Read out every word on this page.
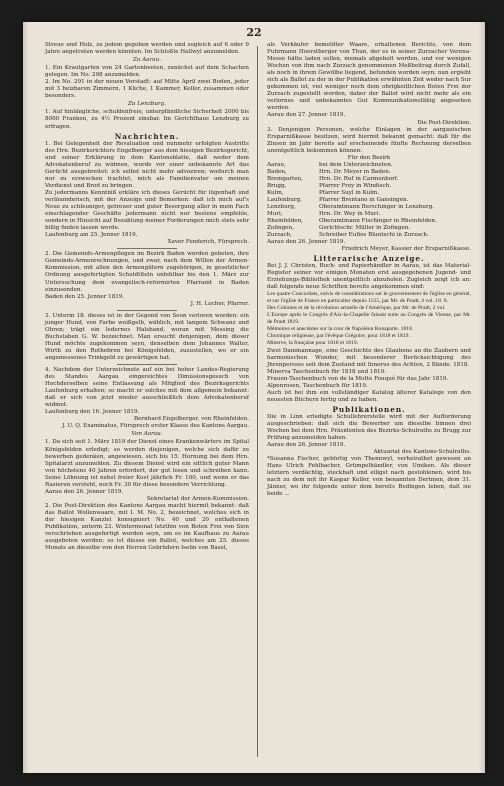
22

Streue und Holz, zu jedem gegeben werden und sogleich auf 6 oder 9 Jahre angetreten werden könnten. Im Schloßle Hallwyl anzumelden.

Zu Aarau.

1. Ein Krautgarten von 24 Gartenbeeten, zunächst auf dem Schachen gelegen. Im No. 298 anzumelden.

2. Im No. 291 in der neuen Vorstadt: auf Mitte April zwei Boden, jeder mit 3 heizbaren Zimmern, 1 Küche, 1 Kammer, Keller, zusammen oder besonders.

Zu Lenzburg.

1. Auf hinlängliche, schuldenfreie, unterpfändliche Sicherheit 2000 bis 8000 Franken, zu 4½ Prozent zinsbar. Im Gerichthaus Lenzburg zu erfragen.

Nachrichten.

1. Bei Gelegenheit der Revaluation und nunmehr erfolgten Austritts des Hrn. Bezirksrichters Engelberger aus dem hiesigen Bezirksgericht, und seiner Erklärung in dem Kantonsblatte, daß weder dem Advokatenberuf zu widmen, wurde vor einer unbekannte Art das Gerücht ausgebreitet: ich selbst nicht mehr advoziren; wodurch man nur zu erzwecken trachtet, mich als Familienvater um meinen Verdienst und Brod zu bringen.

Zu jedermanns Kenntniß erkläre ich dieses Gerücht für lügenhaft und verläumderisch, mit der Anzeige und Bemerken: daß ich mich auf's Neue zu schleuniger, getreuer und guter Besorgung aller in mein Fach einschlagender Geschäfte jedermann nicht nur bestens empfehle, sondern in Hinsicht auf Bezahlung meiner Forderungen mich stets sehr billig finden lassen werde.

Laufenburg am 25. Jenner 1819.

Xaver Fenderich, Fürsprech.

2. Die Gemeinds-Armenpflegen im Bezirk Baden werden gebeten, ihre Gemeinds-Armenrechnungen, und zwar, nach dem Willen der Armen-Kommission, mit allen den Armengütern zugehörigen, in gesetzlicher Ordnung ausgefertigten Schuldtiteln unfehlbar bis den 1. März zur Untersuchung dem evangelisch-reformirten Pfarramt in Baden einzusenden.

Baden den 25. Jenner 1819.

J. H. Locher, Pfarrer.

3. Unterm 18. dieses ist in der Gegend von Seon verloren worden: ein junger Hund, von Farbe weißgelb, wählich, mit langem Schwanz und Ohren; trägt ein ledernes Halsband, woran mit Messing die Buchstaben G. W. bezeichnet. Man ersucht denjenigen, dem dieser Hund möchte zugekommen seyn, denselben dem Johannes Walter, Wirth zu den Rothebren bei Königsfelden, zuzustellen, wo er ein angemessenes Trinkgeld zu gewärtigen hat.

4. Nachdem der Unterzeichnete auf ein bei hoher Landes-Regierung des Standes Aargau eingereichtes Dimissionsgesuch von Hochderselben seine Entlassung als Mitglied des Bezirksgerichts Laufenburg erhalten; so macht er solches mit dem allgemein bekannt: daß er sich von jetzt wieder ausschließlich dem Advokatenberuf widmet.

Laufenburg den 16. Jenner 1819.

Bernhard Engelberger, von Rheinfelden.

J. U. Q. Examinatus, Fürsprech erster Klasse des Kantons Aargau.

Von Aarau.

1. Da sich seit 1. März 1819 der Dienst eines Krankenwärters im Spital Königsfelden erledigt; so werden diejenigen, welche sich dafür zu bewerben gedenken, angewiesen, sich bis 15. Hornung bei dem Hrn. Spitalarzt anzumelden. Zu diesem Dienst wird ein sittlich guter Mann von höchstens 40 Jahren erfordert, der gut lesen und schreiben kann. Seine Löhnung ist nebst freier Kost jährlich Fr. 100, und wenn er das Rasieren versteht, noch Fr. 30 für diese besondere Verrichtung.

Aarau den 26. Jenner 1819.

Sekretariat der Armen-Kommission.

2. Die Post-Direktion des Kantons Aargau macht hiermit bekannt: daß das Ballot Wollenwaare, mit I. M. No. 2, bezeichnet, welches sich in der hiesigen Kanzlei konsigniert No. 40 und 20 enthaltenen Publikation, unterm 23. Wintermonat letzthin von Boten Frei von Sion verschrieben ausgefertigt worden seyn, um es im Kaufhaus zu Aarau ausgeboten werden; so ist dieses ein Ballot, welches am 25. dieses Monats an dieselbe von den Herren Gebrüdern Iselin von Basel,

als Verkäufer bemeldter Waare, erhaltenen Berichts, von dem Fuhrmann Hoerstberger von Thun, der es in seiner Zurzacher Verena-Messe hätte laden sollen, niemals abgeholt worden, und vor wenigen Wochen von ihm nach Zurzach genommenen Meßbeitrag durch Zufall, als noch in ihrem Gewölbe liegend, befunden worden seyn; nun ergiebt sich als Ballot zu der in der Publikation erwähnten Zeit weder nach Sur gekommen ist, viel weniger noch dem obrigkeitlichen Boten Frei dor Zurzach zugestellt worden, daher der Ballot wird nicht mehr als ein verlornes und unbekanntes Gut Kommunikationsfähig angesehen werden.

Aarau den 27. Jenner 1819.

Die Post-Direktion.

3. Denjenigen Personen, welche Einlagen in der aargauischen Ersparnißkasse besitzen, wird hiermit bekannt gemacht: daß für die Zinsen im Jahr bereits auf erscheinende fünfte Rechnung derselben unentgeltlich bekommen können:

Für den Bezirk

Aarau,	bei dem Unterzeichneten.
Baden,	Hrn. Dr. Meyer in Baden.
Bremgarten,	Hrn. Dr. Ruf in Carmenhorf.
Brugg,	Pfarrer Frey in Windisch.
Kulm,	Pfarrer Suyl in Kulm.
Laufenburg,	Pfarrer Brentano in Gansingen.
Lenzburg,	Oberamtmann Berschinger in Lenzburg.
Muri,	Hrn. Dr. Wey in Muri.
Rheinfelden,	Oberamtmann Fischinger in Rheinfelden.
Zofingen,	Gerichtschr. Müller in Zofingen.
Zurzach,	Schreiber Eufios Bluntschi in Zurzach.

Aarau den 26. Jenner 1819.

Friedrich Meyer, Kassier der Ersparnißkasse.

Litterarische Anzeige.

Bei J. J. Christen, Buch- und Papierhändler in Aarau, ist das Material-Register seiner vor einigen Monaten erst ausgegebenen Jugend- und Erziehungs-Bibliothek unentgeltlich abzuholen. Zugleich zeigt ich an: daß folgende neue Schriften bereits angekommen sind:

Les quatre Concordats, suivis de considérations sur le gouvernement de l'église en général, et sur l'église de France en particulier depuis 1515, par Mr. de Pradt, 4 vol. 18. 8.

Des Colonies et de la révolution actuelle de l'Amérique, par Mr. de Pradt, 2 vol.

L'Europe après le Congrès d'Aix-la-Chapelle faisant suite au Congrès de Vienne, par Mr. de Pradt 1819.

Mémoires et anecdotes sur la cour de Napoléon Bonaparte. 1818.

Chronique religieuse, par l'évêque Grégoire, pour 1818 et 1819.

Minerve, la française pour 1818 et 1819.

Zwei Dammannage, eine Geschichte des Glaubens an die Zaubern und harmonischen Wunder, mit besonderer Berücksichtigung des Jhrenpersses seit dem Zustand mit Innerus des Achten, 2 Bände. 1818.

Minerva Taschenbuch für 1818 und 1819.

Frauen-Taschenbuch von de la Motte Fouqué für das Jahr 1819.

Alpenrosen, Taschenbuch für 1819.

Auch ist bei ihm ein vollständiger Katalog älterer Kataloge von den neuesten Büchern fertig und zu haben.

Publikationen.

Die in Linn erledigte Schullehrerstelle wird mit der Aufforderung ausgeschrieben: daß sich die Bewerber um dieselbe binnen drei Wochen bei dem Hrn. Präsidenten des Bezirks-Schulraths zu Brugg zur Prüfung anzumelden haben.

Aarau den 26. Jenner 1819.

Aktuariat des Kantons-Schulraths.

*Susanna Fischer, gebürtig von Thennwyl, verheirathet gewesen an Hans Ulrich Fehlbacher, Grümpelhändler, von Umiken. Als dieser letztern verdächtig, steckhaft und eiligst nach gestohlenen, wird bis nach zu dem mit ihr Kaspar Keller, von benannten Dertmen, dem 31. Jänner, wo ihr folgende unter dem bereits Bedingen leben, daß sie beide ...
